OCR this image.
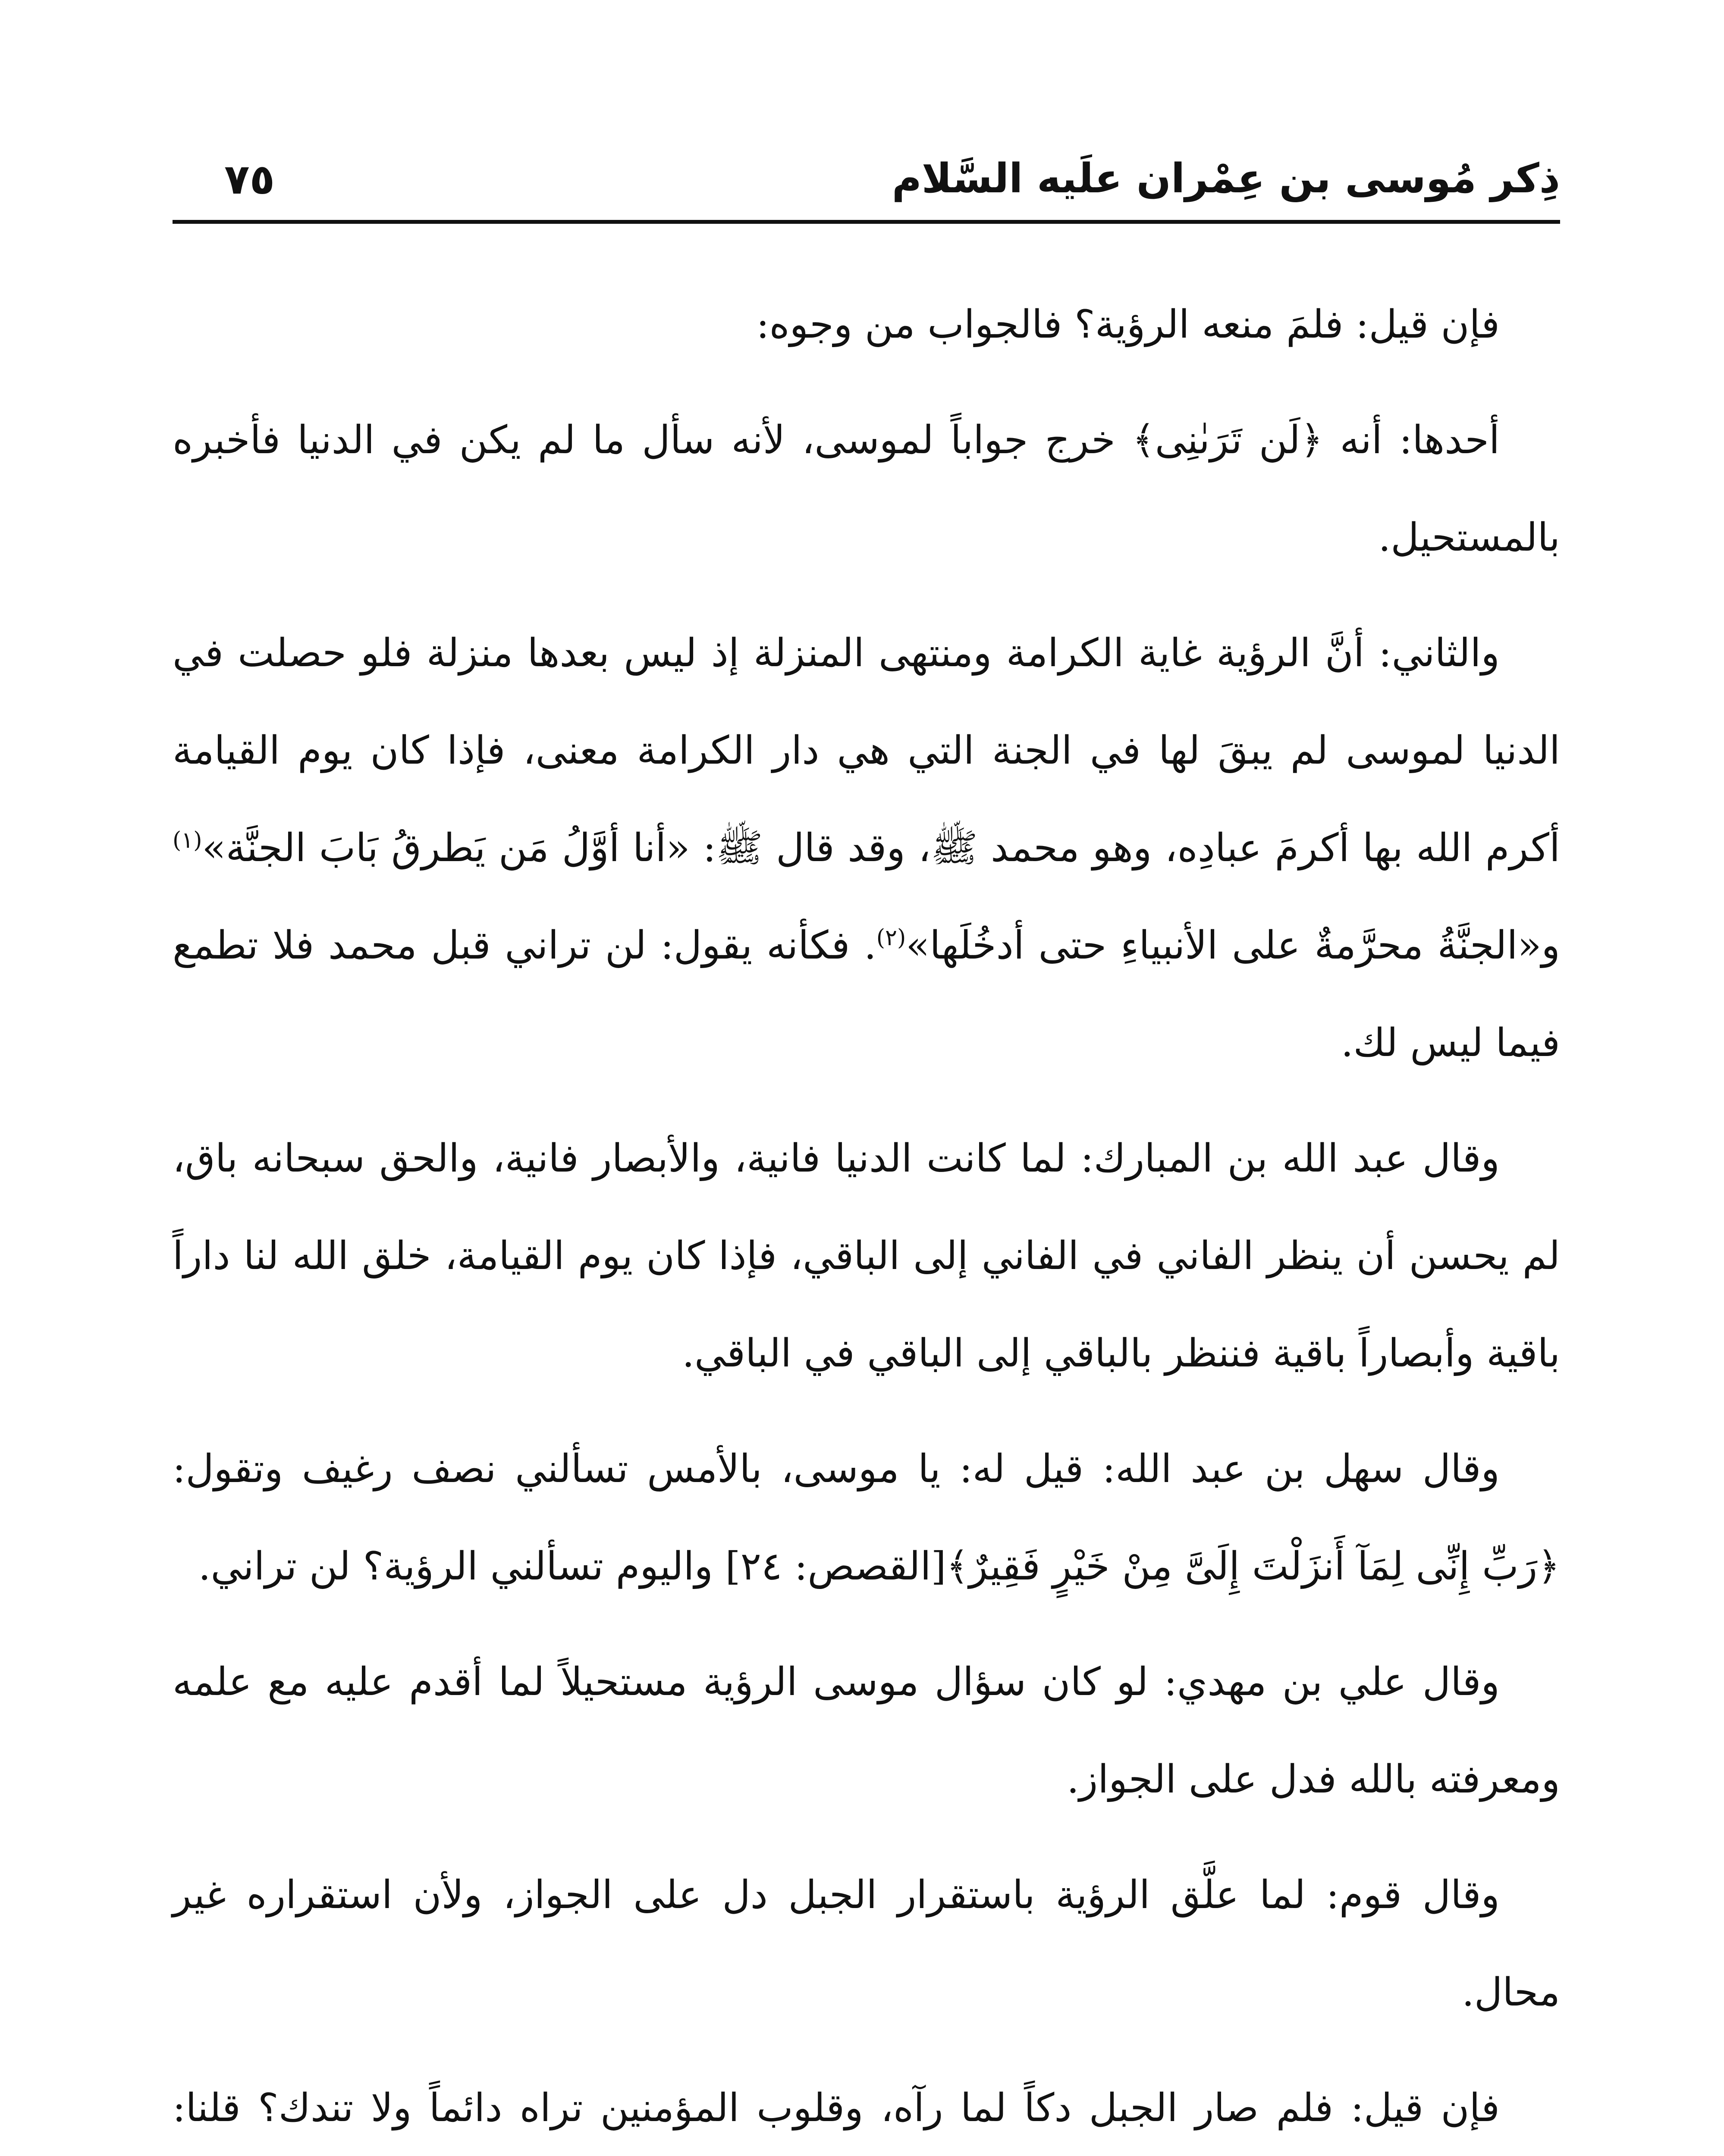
ذِكر مُوسى بن عِمْران علَيه السَّلام
٧٥

فإن قيل: فلمَ منعه الرؤية؟ فالجواب من وجوه:

أحدها: أنه ﴿لَن تَرَىٰنِى﴾ خرج جواباً لموسى، لأنه سأل ما لم يكن في الدنيا فأخبره بالمستحيل.

والثاني: أنَّ الرؤية غاية الكرامة ومنتهى المنزلة إذ ليس بعدها منزلة فلو حصلت في الدنيا لموسى لم يبقَ لها في الجنة التي هي دار الكرامة معنى، فإذا كان يوم القيامة أكرم الله بها أكرمَ عبادِه، وهو محمد ﷺ، وقد قال ﷺ: «أنا أوَّلُ مَن يَطرقُ بَابَ الجنَّة»$^{(١)}$ و«الجنَّةُ محرَّمةٌ على الأنبياءِ حتى أدخُلَها»$^{(٢)}$. فكأنه يقول: لن تراني قبل محمد فلا تطمع فيما ليس لك.

وقال عبد الله بن المبارك: لما كانت الدنيا فانية، والأبصار فانية، والحق سبحانه باق، لم يحسن أن ينظر الفاني في الفاني إلى الباقي، فإذا كان يوم القيامة، خلق الله لنا داراً باقية وأبصاراً باقية فننظر بالباقي إلى الباقي في الباقي.

وقال سهل بن عبد الله: قيل له: يا موسى، بالأمس تسألني نصف رغيف وتقول: ﴿رَبِّ إِنِّى لِمَآ أَنزَلْتَ إِلَىَّ مِنْ خَيْرٍ فَقِيرٌ﴾[القصص: ٢٤] واليوم تسألني الرؤية؟ لن تراني.

وقال علي بن مهدي: لو كان سؤال موسى الرؤية مستحيلاً لما أقدم عليه مع علمه ومعرفته بالله فدل على الجواز.

وقال قوم: لما علَّق الرؤية باستقرار الجبل دل على الجواز، ولأن استقراره غير محال.

فإن قيل: فلم صار الجبل دكاً لما رآه، وقلوب المؤمنين تراه دائماً ولا تندك؟ قلنا:
